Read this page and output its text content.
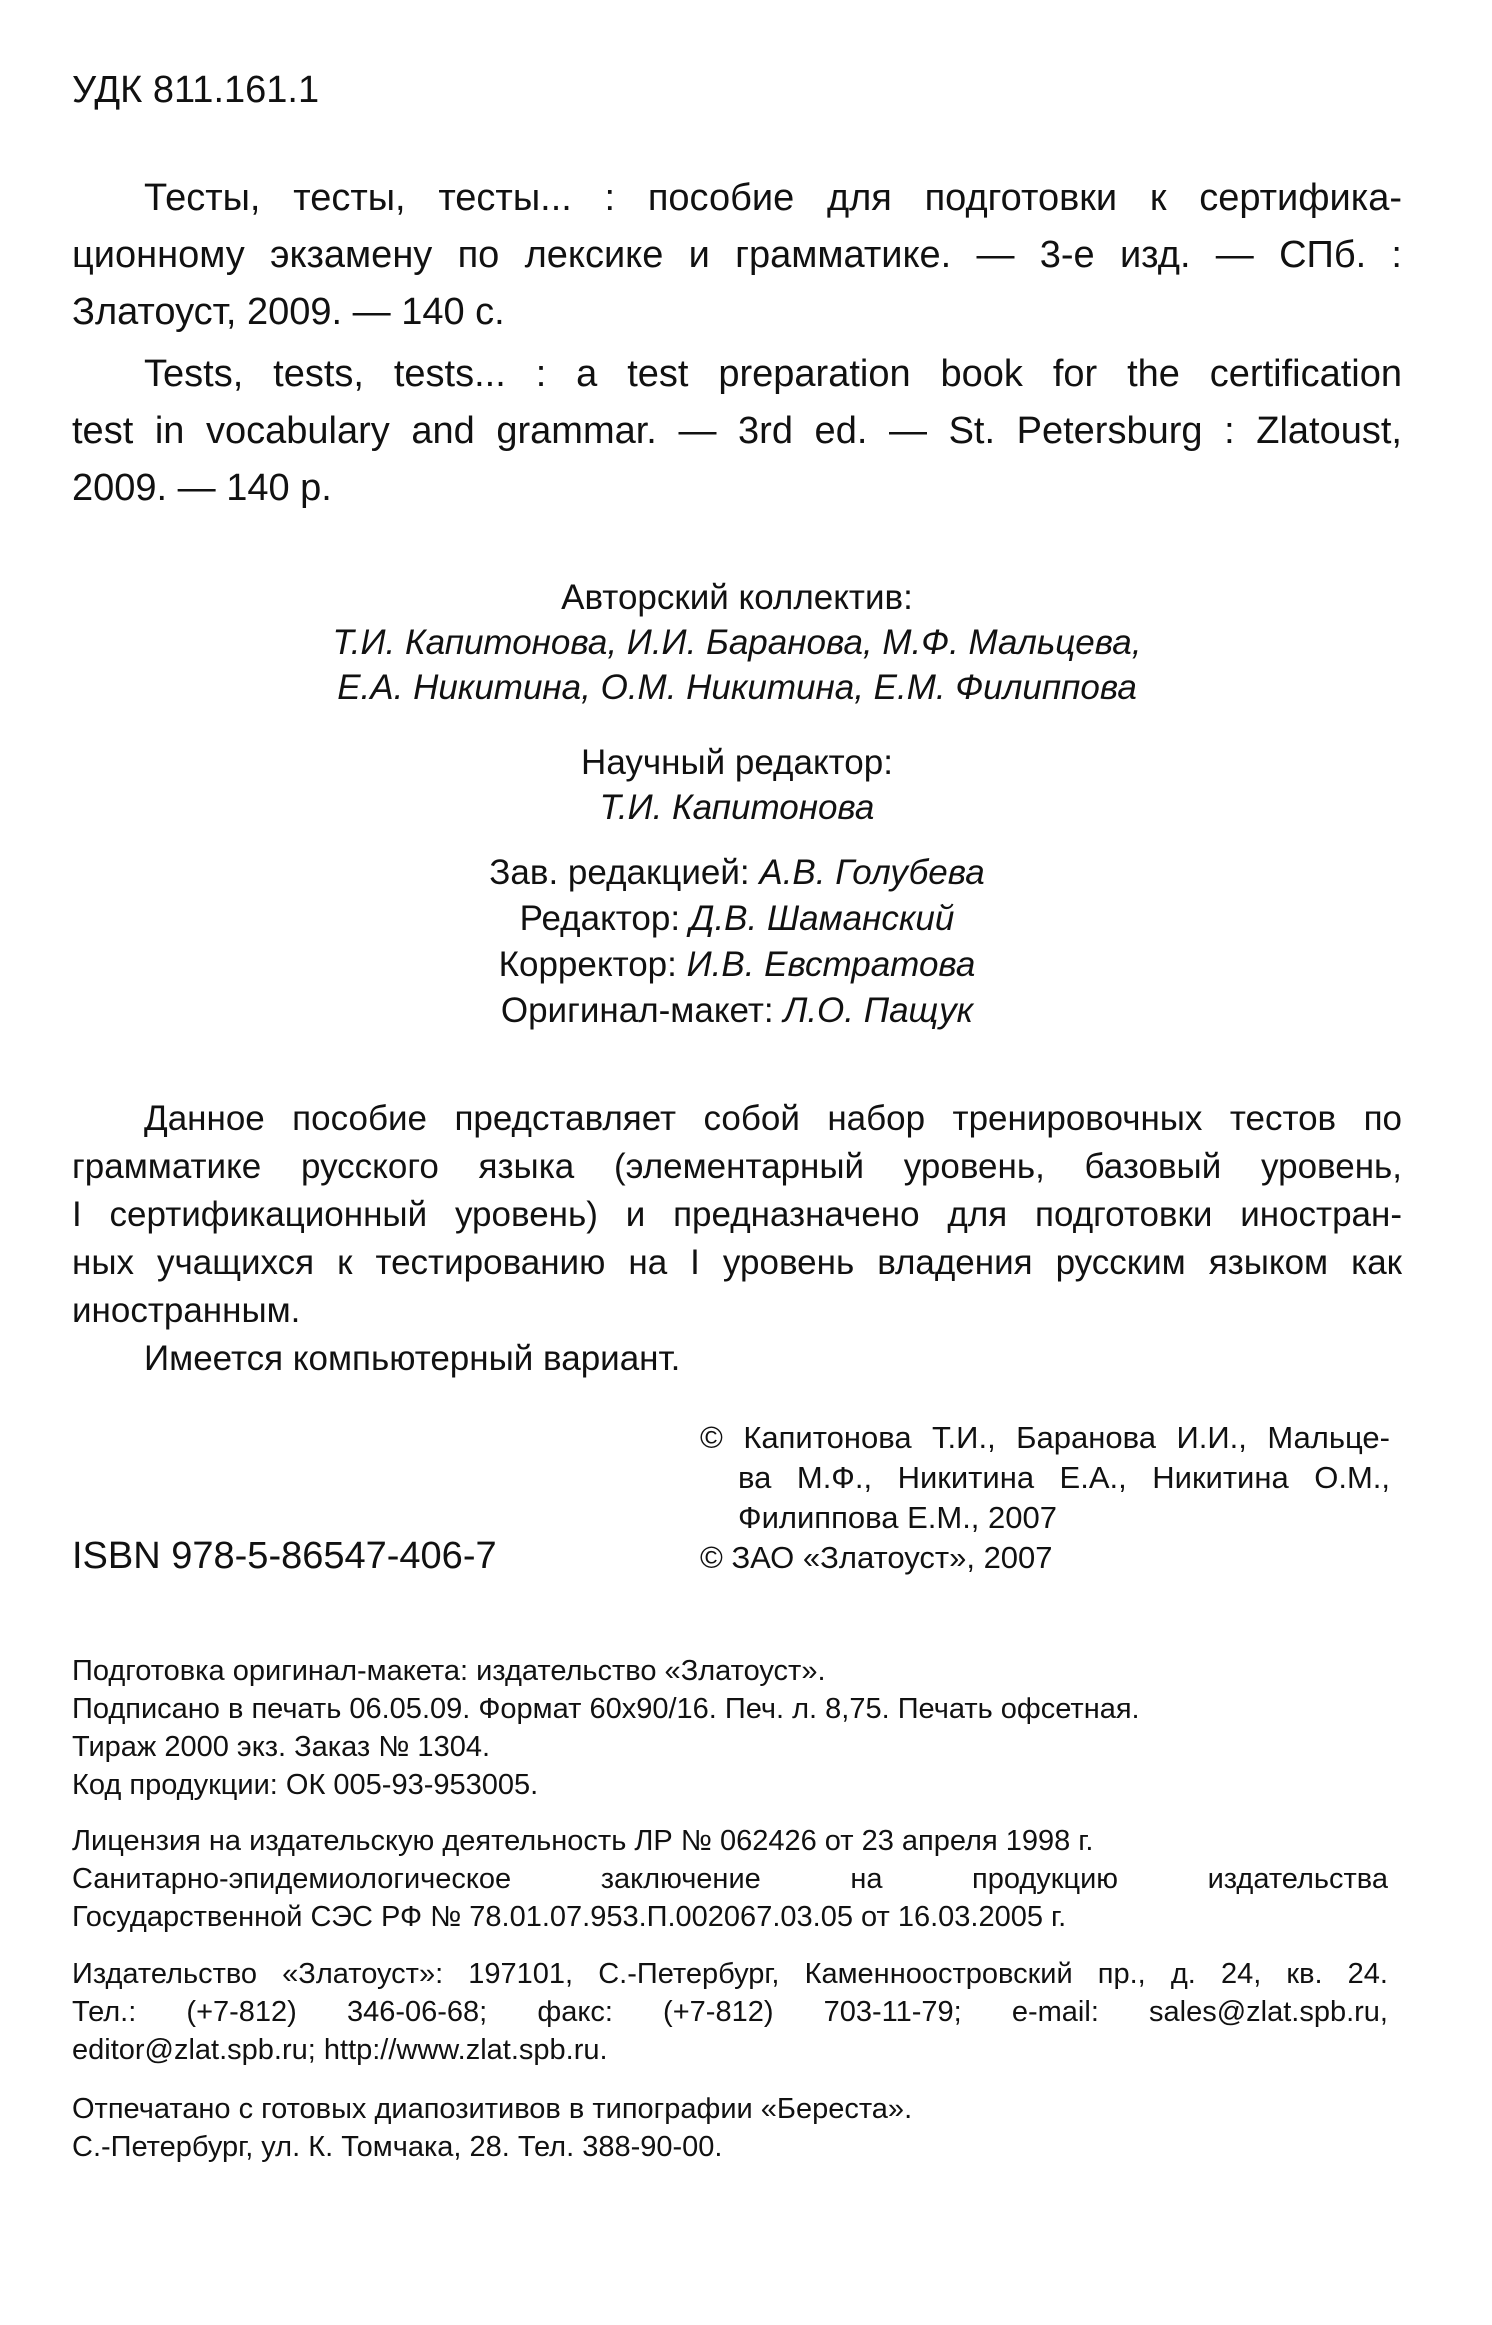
УДК 811.161.1

Тесты, тесты, тесты... : пособие для подготовки к сертифика-
ционному экзамену по лексике и грамматике. — 3-е изд. — СПб. :
Златоуст, 2009. — 140 с.
Tests, tests, tests... : a test preparation book for the certification
test in vocabulary and grammar. — 3rd ed. — St. Petersburg : Zlatoust,
2009. — 140 p.
Авторский коллектив:
Т.И. Капитонова, И.И. Баранова, М.Ф. Мальцева,
Е.А. Никитина, О.М. Никитина, Е.М. Филиппова
Научный редактор:
Т.И. Капитонова
Зав. редакцией: А.В. Голубева
Редактор: Д.В. Шаманский
Корректор: И.В. Евстратова
Оригинал-макет: Л.О. Пащук
Данное пособие представляет собой набор тренировочных тестов по
грамматике русского языка (элементарный уровень, базовый уровень,
I сертификационный уровень) и предназначено для подготовки иностран-
ных учащихся к тестированию на I уровень владения русским языком как
иностранным.
Имеется компьютерный вариант.
© Капитонова Т.И., Баранова И.И., Мальце-
ва М.Ф., Никитина Е.А., Никитина О.М.,
Филиппова Е.М., 2007
© ЗАО «Златоуст», 2007

ISBN 978-5-86547-406-7

Подготовка оригинал-макета: издательство «Златоуст».
Подписано в печать 06.05.09. Формат 60x90/16. Печ. л. 8,75. Печать офсетная.
Тираж 2000 экз. Заказ № 1304.
Код продукции: ОК 005-93-953005.
Лицензия на издательскую деятельность ЛР № 062426 от 23 апреля 1998 г.
Санитарно-эпидемиологическое заключение на продукцию издательства
Государственной СЭС РФ № 78.01.07.953.П.002067.03.05 от 16.03.2005 г.
Издательство «Златоуст»: 197101, С.-Петербург, Каменноостровский пр., д. 24, кв. 24.
Тел.: (+7-812) 346-06-68; факс: (+7-812) 703-11-79; e-mail: sales@zlat.spb.ru,
editor@zlat.spb.ru; http://www.zlat.spb.ru.
Отпечатано с готовых диапозитивов в типографии «Береста».
С.-Петербург, ул. К. Томчака, 28. Тел. 388-90-00.
